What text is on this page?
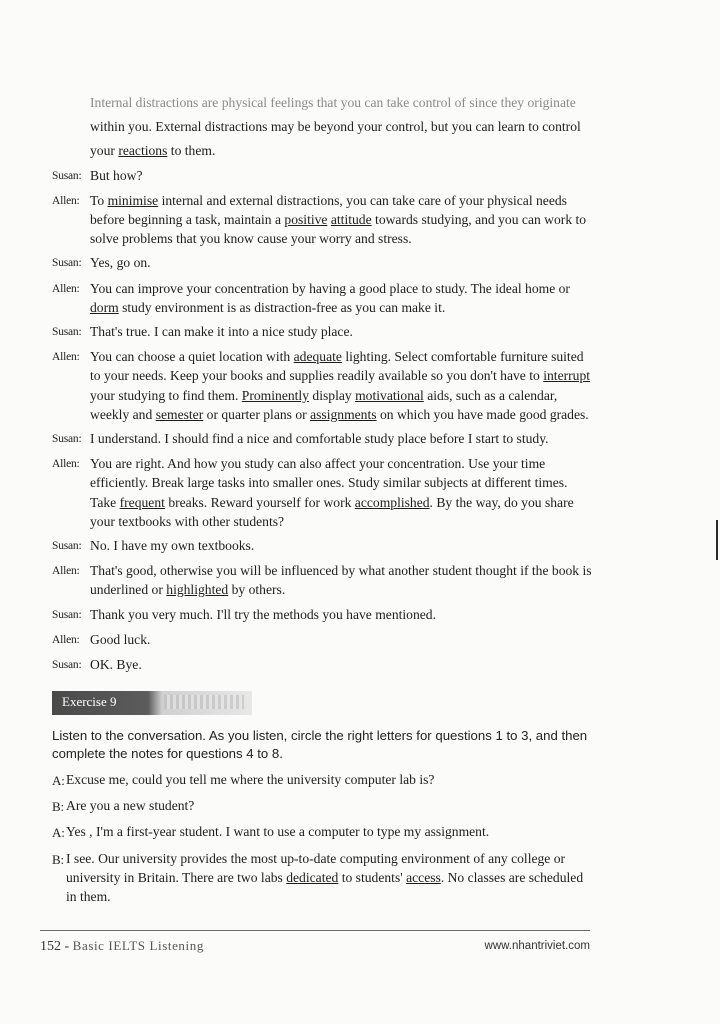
Internal distractions are physical feelings that you can take control of since they originate
within you. External distractions may be beyond your control, but you can learn to control
your reactions to them.
Susan: But how?
Allen: To minimise internal and external distractions, you can take care of your physical needs before beginning a task, maintain a positive attitude towards studying, and you can work to solve problems that you know cause your worry and stress.
Susan: Yes, go on.
Allen: You can improve your concentration by having a good place to study. The ideal home or dorm study environment is as distraction-free as you can make it.
Susan: That's true. I can make it into a nice study place.
Allen: You can choose a quiet location with adequate lighting. Select comfortable furniture suited to your needs. Keep your books and supplies readily available so you don't have to interrupt your studying to find them. Prominently display motivational aids, such as a calendar, weekly and semester or quarter plans or assignments on which you have made good grades.
Susan: I understand. I should find a nice and comfortable study place before I start to study.
Allen: You are right. And how you study can also affect your concentration. Use your time efficiently. Break large tasks into smaller ones. Study similar subjects at different times. Take frequent breaks. Reward yourself for work accomplished. By the way, do you share your textbooks with other students?
Susan: No. I have my own textbooks.
Allen: That's good, otherwise you will be influenced by what another student thought if the book is underlined or highlighted by others.
Susan: Thank you very much. I'll try the methods you have mentioned.
Allen: Good luck.
Susan: OK. Bye.
Exercise 9
Listen to the conversation. As you listen, circle the right letters for questions 1 to 3, and then complete the notes for questions 4 to 8.
A: Excuse me, could you tell me where the university computer lab is?
B: Are you a new student?
A: Yes , I'm a first-year student. I want to use a computer to type my assignment.
B: I see. Our university provides the most up-to-date computing environment of any college or university in Britain. There are two labs dedicated to students' access. No classes are scheduled in them.
152 - Basic IELTS Listening	www.nhantriviet.com
